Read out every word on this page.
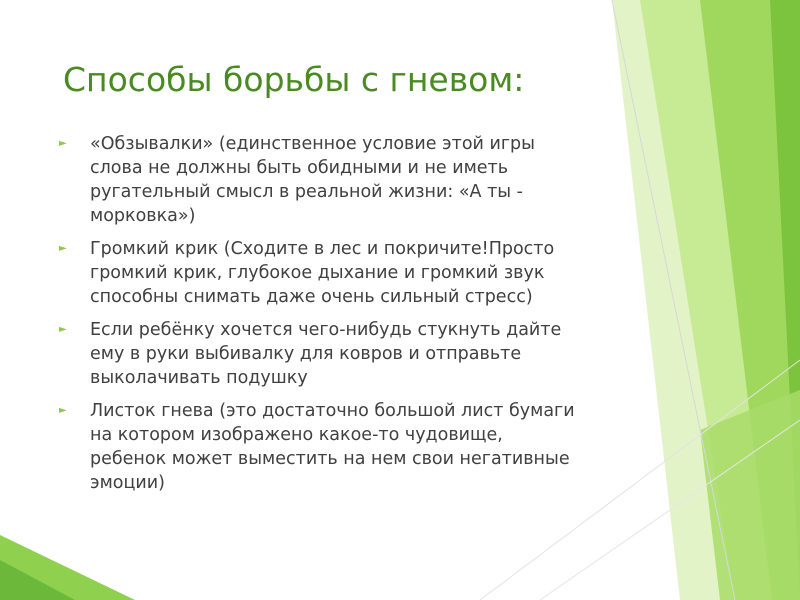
Способы борьбы с гневом:
► «Обзывалки» (единственное условие этой игры
слова не должны быть обидными и не иметь
ругательный смысл в реальной жизни: «А ты -
морковка»)
► Громкий крик (Сходите в лес и покричите!Просто
громкий крик, глубокое дыхание и громкий звук
способны снимать даже очень сильный стресс)
► Если ребёнку хочется чего-нибудь стукнуть дайте
ему в руки выбивалку для ковров и отправьте
выколачивать подушку
► Листок гнева (это достаточно большой лист бумаги
на котором изображено какое-то чудовище,
ребенок может выместить на нем свои негативные
эмоции)
